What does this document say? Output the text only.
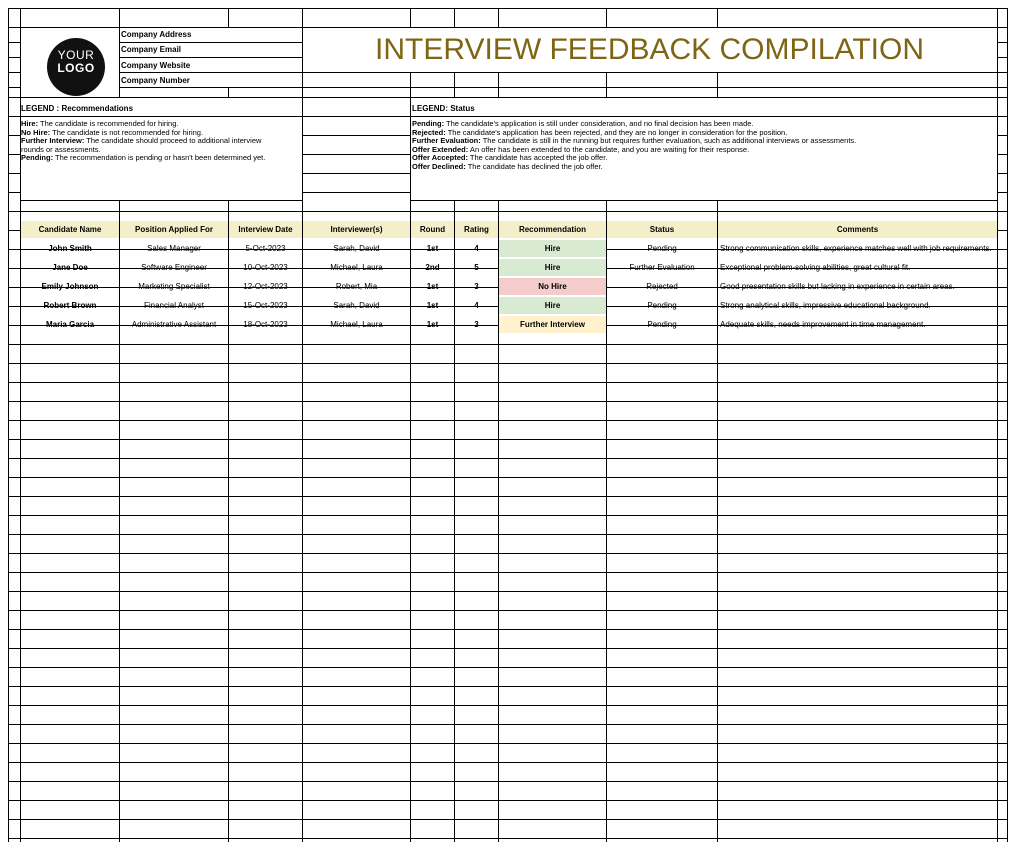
YOUR
LOGO
Company Address
Company Email
Company Website
Company Number
INTERVIEW FEEDBACK COMPILATION
LEGEND : Recommendations	LEGEND: Status
Hire: The candidate is recommended for hiring.
No Hire: The candidate is not recommended for hiring.
Further Interview: The candidate should proceed to additional interview rounds or assessments.
Pending: The recommendation is pending or hasn't been determined yet.
Pending: The candidate's application is still under consideration, and no final decision has been made.
Rejected: The candidate's application has been rejected, and they are no longer in consideration for the position.
Further Evaluation: The candidate is still in the running but requires further evaluation, such as additional interviews or assessments.
Offer Extended: An offer has been extended to the candidate, and you are waiting for their response.
Offer Accepted: The candidate has accepted the job offer.
Offer Declined: The candidate has declined the job offer.
Candidate Name	Position Applied For	Interview Date	Interviewer(s)	Round	Rating	Recommendation	Status	Comments
John Smith	Sales Manager	5-Oct-2023	Sarah, David	1st	4	Hire	Pending	Strong communication skills, experience matches well with job requirements.
Jane Doe	Software Engineer	10-Oct-2023	Michael, Laura	2nd	5	Hire	Further Evaluation	Exceptional problem-solving abilities, great cultural fit.
Emily Johnson	Marketing Specialist	12-Oct-2023	Robert, Mia	1st	3	No Hire	Rejected	Good presentation skills but lacking in experience in certain areas.
Robert Brown	Financial Analyst	15-Oct-2023	Sarah, David	1st	4	Hire	Pending	Strong analytical skills, impressive educational background.
Maria Garcia	Administrative Assistant	18-Oct-2023	Michael, Laura	1st	3	Further Interview	Pending	Adequate skills, needs improvement in time management.
